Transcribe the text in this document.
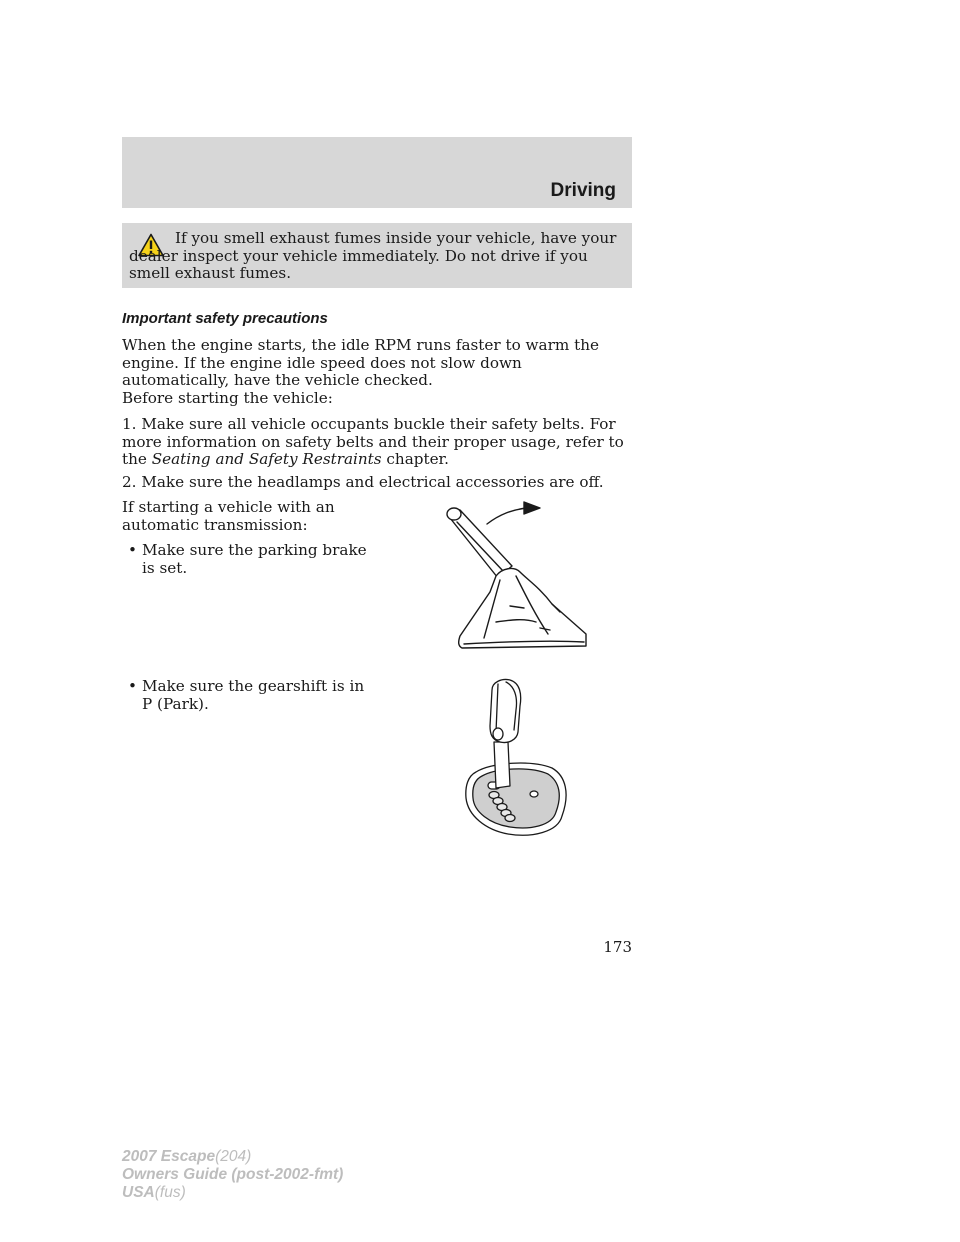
Driving
If you smell exhaust fumes inside your vehicle, have your dealer inspect your vehicle immediately. Do not drive if you smell exhaust fumes.
Important safety precautions
When the engine starts, the idle RPM runs faster to warm the engine. If the engine idle speed does not slow down automatically, have the vehicle checked.
Before starting the vehicle:
1. Make sure all vehicle occupants buckle their safety belts. For more information on safety belts and their proper usage, refer to the Seating and Safety Restraints chapter.
2. Make sure the headlamps and electrical accessories are off.
If starting a vehicle with an automatic transmission:
• Make sure the parking brake is set.
• Make sure the gearshift is in P (Park).
173
2007 Escape(204)
Owners Guide (post-2002-fmt)
USA(fus)
